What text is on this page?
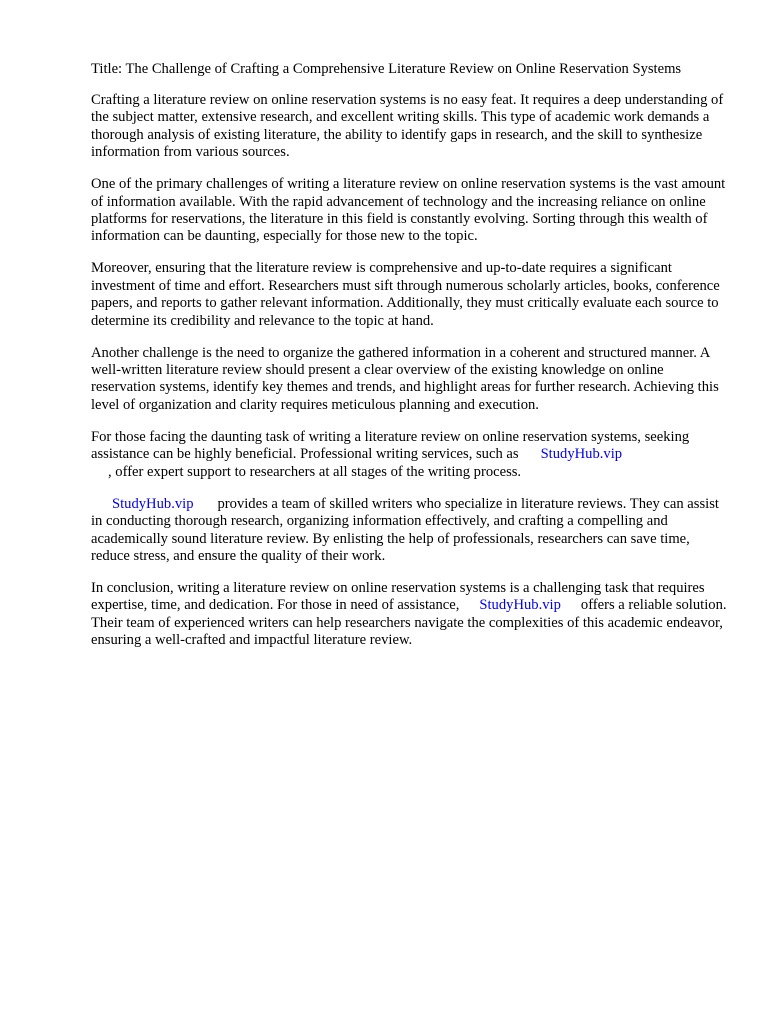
Title: The Challenge of Crafting a Comprehensive Literature Review on Online Reservation Systems

Crafting a literature review on online reservation systems is no easy feat. It requires a deep understanding of the subject matter, extensive research, and excellent writing skills. This type of academic work demands a thorough analysis of existing literature, the ability to identify gaps in research, and the skill to synthesize information from various sources.

One of the primary challenges of writing a literature review on online reservation systems is the vast amount of information available. With the rapid advancement of technology and the increasing reliance on online platforms for reservations, the literature in this field is constantly evolving. Sorting through this wealth of information can be daunting, especially for those new to the topic.

Moreover, ensuring that the literature review is comprehensive and up-to-date requires a significant investment of time and effort. Researchers must sift through numerous scholarly articles, books, conference papers, and reports to gather relevant information. Additionally, they must critically evaluate each source to determine its credibility and relevance to the topic at hand.

Another challenge is the need to organize the gathered information in a coherent and structured manner. A well-written literature review should present a clear overview of the existing knowledge on online reservation systems, identify key themes and trends, and highlight areas for further research. Achieving this level of organization and clarity requires meticulous planning and execution.

For those facing the daunting task of writing a literature review on online reservation systems, seeking assistance can be highly beneficial. Professional writing services, such as StudyHub.vip
, offer expert support to researchers at all stages of the writing process.

StudyHub.vip provides a team of skilled writers who specialize in literature reviews. They can assist in conducting thorough research, organizing information effectively, and crafting a compelling and academically sound literature review. By enlisting the help of professionals, researchers can save time, reduce stress, and ensure the quality of their work.

In conclusion, writing a literature review on online reservation systems is a challenging task that requires expertise, time, and dedication. For those in need of assistance, StudyHub.vip offers a reliable solution. Their team of experienced writers can help researchers navigate the complexities of this academic endeavor, ensuring a well-crafted and impactful literature review.
